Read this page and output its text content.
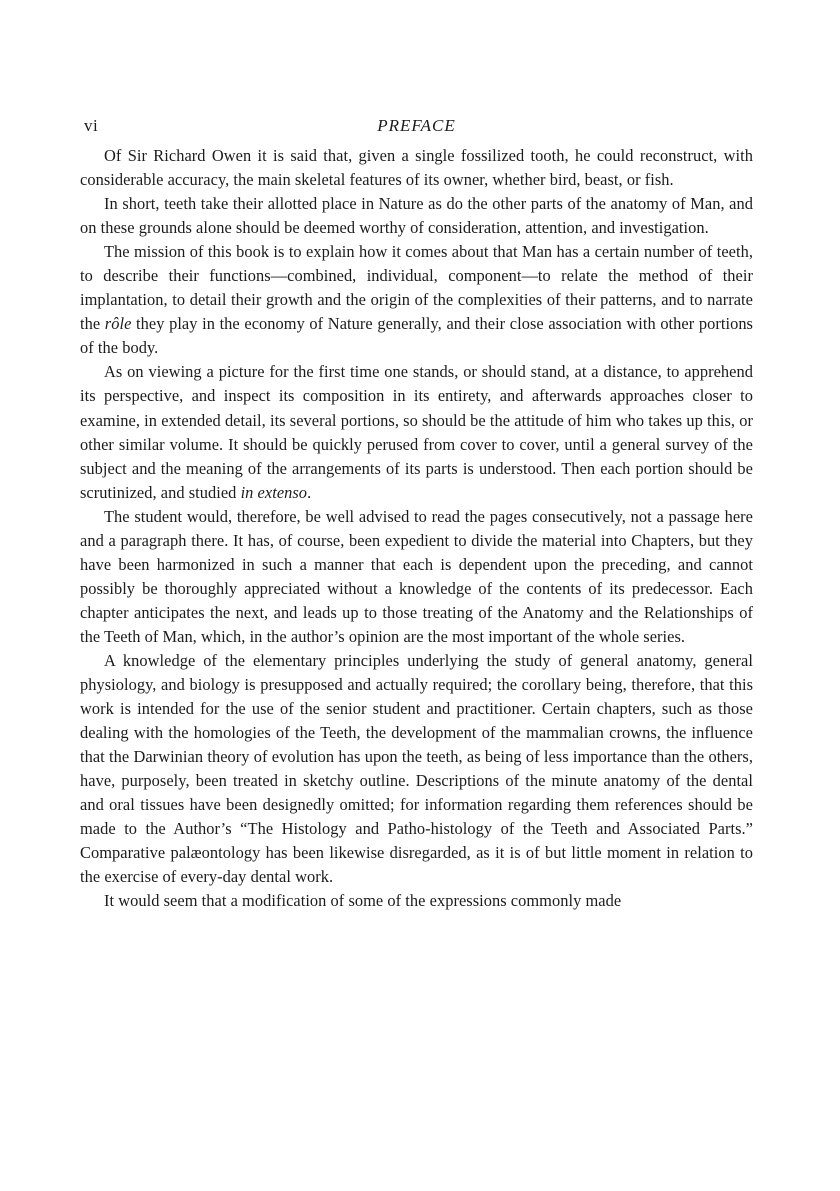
vi	PREFACE

Of Sir Richard Owen it is said that, given a single fossilized tooth, he could reconstruct, with considerable accuracy, the main skeletal features of its owner, whether bird, beast, or fish.

In short, teeth take their allotted place in Nature as do the other parts of the anatomy of Man, and on these grounds alone should be deemed worthy of consideration, attention, and investigation.

The mission of this book is to explain how it comes about that Man has a certain number of teeth, to describe their functions—combined, individual, component—to relate the method of their implantation, to detail their growth and the origin of the complexities of their patterns, and to narrate the rôle they play in the economy of Nature generally, and their close association with other portions of the body.

As on viewing a picture for the first time one stands, or should stand, at a distance, to apprehend its perspective, and inspect its composition in its entirety, and afterwards approaches closer to examine, in extended detail, its several portions, so should be the attitude of him who takes up this, or other similar volume. It should be quickly perused from cover to cover, until a general survey of the subject and the meaning of the arrangements of its parts is understood. Then each portion should be scrutinized, and studied in extenso.

The student would, therefore, be well advised to read the pages consecutively, not a passage here and a paragraph there. It has, of course, been expedient to divide the material into Chapters, but they have been harmonized in such a manner that each is dependent upon the preceding, and cannot possibly be thoroughly appreciated without a knowledge of the contents of its predecessor. Each chapter anticipates the next, and leads up to those treating of the Anatomy and the Relationships of the Teeth of Man, which, in the author’s opinion are the most important of the whole series.

A knowledge of the elementary principles underlying the study of general anatomy, general physiology, and biology is presupposed and actually required; the corollary being, therefore, that this work is intended for the use of the senior student and practitioner. Certain chapters, such as those dealing with the homologies of the Teeth, the development of the mammalian crowns, the influence that the Darwinian theory of evolution has upon the teeth, as being of less importance than the others, have, purposely, been treated in sketchy outline. Descriptions of the minute anatomy of the dental and oral tissues have been designedly omitted; for information regarding them references should be made to the Author’s “The Histology and Patho-histology of the Teeth and Associated Parts.” Comparative palæontology has been likewise disregarded, as it is of but little moment in relation to the exercise of every-day dental work.

It would seem that a modification of some of the expressions commonly made
